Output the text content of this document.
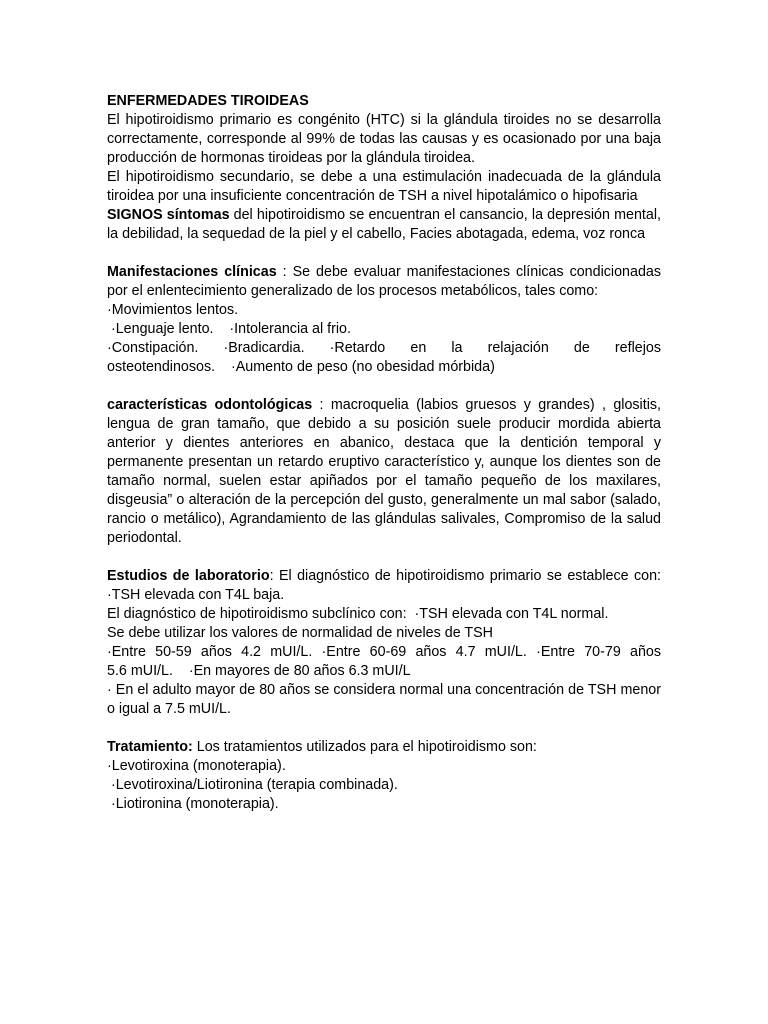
ENFERMEDADES TIROIDEAS

El hipotiroidismo primario es congénito (HTC) si la glándula tiroides no se desarrolla correctamente, corresponde al 99% de todas las causas y es ocasionado por una baja producción de hormonas tiroideas por la glándula tiroidea.

El hipotiroidismo secundario, se debe a una estimulación inadecuada de la glándula tiroidea por una insuficiente concentración de TSH a nivel hipotalámico o hipofisaria

SIGNOS síntomas del hipotiroidismo se encuentran el cansancio, la depresión mental, la debilidad, la sequedad de la piel y el cabello, Facies abotagada, edema, voz ronca

Manifestaciones clínicas : Se debe evaluar manifestaciones clínicas condicionadas por el enlentecimiento generalizado de los procesos metabólicos, tales como:

·Movimientos lentos.
·Lenguaje lento.    ·Intolerancia al frio.

·Constipación. ·Bradicardia. ·Retardo en la relajación de reflejos

osteotendinosos.    ·Aumento de peso (no obesidad mórbida)

características odontológicas : macroquelia (labios gruesos y grandes) , glositis, lengua de gran tamaño, que debido a su posición suele producir mordida abierta anterior y dientes anteriores en abanico, destaca que la dentición temporal y permanente presentan un retardo eruptivo característico y, aunque los dientes son de tamaño normal, suelen estar apiñados por el tamaño pequeño de los maxilares, disgeusia” o alteración de la percepción del gusto, generalmente un mal sabor (salado, rancio o metálico), Agrandamiento de las glándulas salivales, Compromiso de la salud periodontal.

Estudios de laboratorio: El diagnóstico de hipotiroidismo primario se establece con: ·TSH elevada con T4L baja.

El diagnóstico de hipotiroidismo subclínico con:  ·TSH elevada con T4L normal.
Se debe utilizar los valores de normalidad de niveles de TSH

·Entre 50-59 años 4.2 mUI/L. ·Entre 60-69 años 4.7 mUI/L. ·Entre 70-79 años

5.6 mUI/L.    ·En mayores de 80 años 6.3 mUI/L

· En el adulto mayor de 80 años se considera normal una concentración de TSH menor o igual a 7.5 mUI/L.

Tratamiento: Los tratamientos utilizados para el hipotiroidismo son:

·Levotiroxina (monoterapia).
·Levotiroxina/Liotironina (terapia combinada).
·Liotironina (monoterapia).
